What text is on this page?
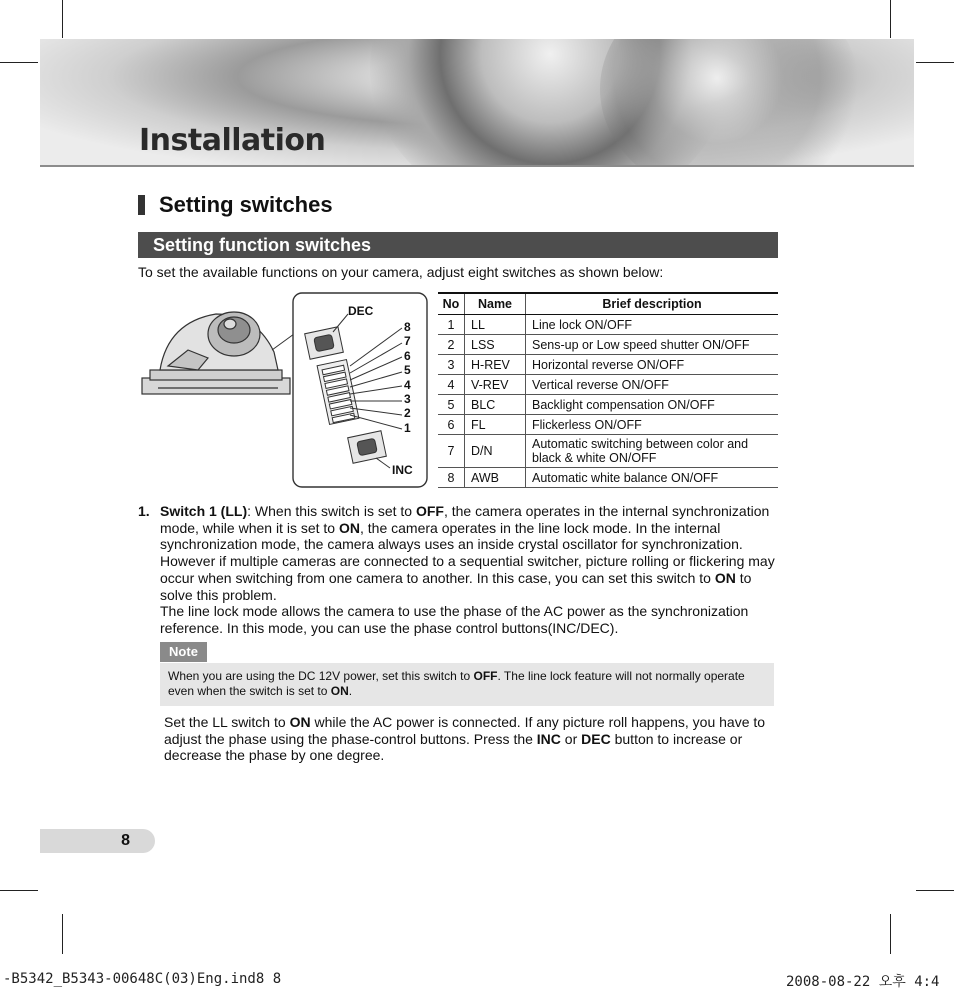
Installation
Setting switches
Setting function switches
To set the available functions on your camera, adjust eight switches as shown below:
DEC
INC
8
7
6
5
4
3
2
1
No	Name	Brief description
1	LL	Line lock ON/OFF
2	LSS	Sens-up or Low speed shutter ON/OFF
3	H-REV	Horizontal reverse ON/OFF
4	V-REV	Vertical reverse ON/OFF
5	BLC	Backlight compensation ON/OFF
6	FL	Flickerless ON/OFF
7	D/N	Automatic switching between color and black & white ON/OFF
8	AWB	Automatic white balance ON/OFF
1. Switch 1 (LL): When this switch is set to OFF, the camera operates in the internal synchronization mode, while when it is set to ON, the camera operates in the line lock mode. In the internal synchronization mode, the camera always uses an inside crystal oscillator for synchronization. However if multiple cameras are connected to a sequential switcher, picture rolling or flickering may occur when switching from one camera to another. In this case, you can set this switch to ON to solve this problem.
The line lock mode allows the camera to use the phase of the AC power as the synchronization reference. In this mode, you can use the phase control buttons(INC/DEC).
Note
When you are using the DC 12V power, set this switch to OFF. The line lock feature will not normally operate even when the switch is set to ON.
Set the LL switch to ON while the AC power is connected. If any picture roll happens, you have to adjust the phase using the phase-control buttons. Press the INC or DEC button to increase or decrease the phase by one degree.
8
-B5342_B5343-00648C(03)Eng.ind8 8	2008-08-22 오후 4:4
